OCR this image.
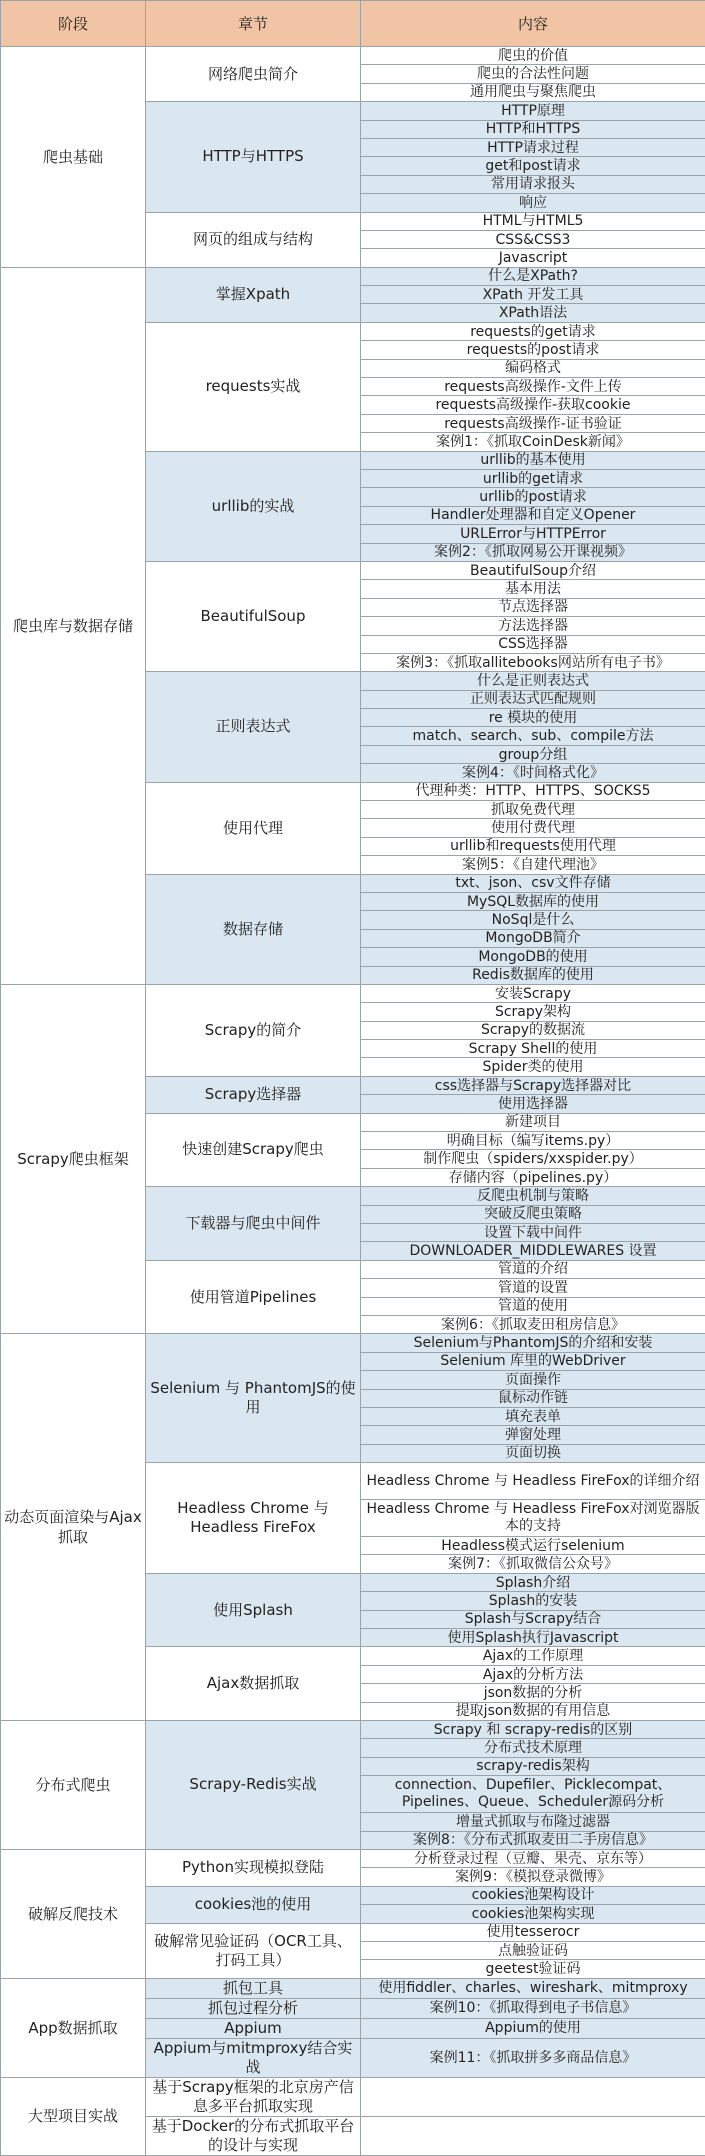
阶段	章节	内容
爬虫基础	网络爬虫简介	爬虫的价值
		爬虫的合法性问题
		通用爬虫与聚焦爬虫
	HTTP与HTTPS	HTTP原理
		HTTP和HTTPS
		HTTP请求过程
		get和post请求
		常用请求报头
		响应
	网页的组成与结构	HTML与HTML5
		CSS&CSS3
		Javascript
爬虫库与数据存储	掌握Xpath	什么是XPath?
		XPath 开发工具
		XPath语法
	requests实战	requests的get请求
		requests的post请求
		编码格式
		requests高级操作-文件上传
		requests高级操作-获取cookie
		requests高级操作-证书验证
		案例1：《抓取CoinDesk新闻》
	urllib的实战	urllib的基本使用
		urllib的get请求
		urllib的post请求
		Handler处理器和自定义Opener
		URLError与HTTPError
		案例2：《抓取网易公开课视频》
	BeautifulSoup	BeautifulSoup介绍
		基本用法
		节点选择器
		方法选择器
		CSS选择器
		案例3：《抓取allitebooks网站所有电子书》
	正则表达式	什么是正则表达式
		正则表达式匹配规则
		re 模块的使用
		match、search、sub、compile方法
		group分组
		案例4：《时间格式化》
	使用代理	代理种类：HTTP、HTTPS、SOCKS5
		抓取免费代理
		使用付费代理
		urllib和requests使用代理
		案例5：《自建代理池》
	数据存储	txt、json、csv文件存储
		MySQL数据库的使用
		NoSql是什么
		MongoDB简介
		MongoDB的使用
		Redis数据库的使用
Scrapy爬虫框架	Scrapy的简介	安装Scrapy
		Scrapy架构
		Scrapy的数据流
		Scrapy Shell的使用
		Spider类的使用
	Scrapy选择器	css选择器与Scrapy选择器对比
		使用选择器
	快速创建Scrapy爬虫	新建项目
		明确目标（编写items.py）
		制作爬虫（spiders/xxspider.py）
		存储内容（pipelines.py）
	下载器与爬虫中间件	反爬虫机制与策略
		突破反爬虫策略
		设置下载中间件
		DOWNLOADER_MIDDLEWARES 设置
	使用管道Pipelines	管道的介绍
		管道的设置
		管道的使用
		案例6：《抓取麦田租房信息》
动态页面渲染与Ajax抓取	Selenium 与 PhantomJS的使用	Selenium与PhantomJS的介绍和安装
		Selenium 库里的WebDriver
		页面操作
		鼠标动作链
		填充表单
		弹窗处理
		页面切换
	Headless Chrome 与 Headless FireFox	Headless Chrome 与 Headless FireFox的详细介绍
		Headless Chrome 与 Headless FireFox对浏览器版本的支持
		Headless模式运行selenium
		案例7：《抓取微信公众号》
	使用Splash	Splash介绍
		Splash的安装
		Splash与Scrapy结合
		使用Splash执行Javascript
	Ajax数据抓取	Ajax的工作原理
		Ajax的分析方法
		json数据的分析
		提取json数据的有用信息
分布式爬虫	Scrapy-Redis实战	Scrapy 和 scrapy-redis的区别
		分布式技术原理
		scrapy-redis架构
		connection、Dupefiler、Picklecompat、Pipelines、Queue、Scheduler源码分析
		增量式抓取与布隆过滤器
		案例8：《分布式抓取麦田二手房信息》
破解反爬技术	Python实现模拟登陆	分析登录过程（豆瓣、果壳、京东等）
		案例9：《模拟登录微博》
	cookies池的使用	cookies池架构设计
		cookies池架构实现
	破解常见验证码（OCR工具、打码工具）	使用tesserocr
		点触验证码
		geetest验证码
App数据抓取	抓包工具	使用fiddler、charles、wireshark、mitmproxy
	抓包过程分析	案例10：《抓取得到电子书信息》
	Appium	Appium的使用
	Appium与mitmproxy结合实战	案例11：《抓取拼多多商品信息》
大型项目实战	基于Scrapy框架的北京房产信息多平台抓取实现	
	基于Docker的分布式抓取平台的设计与实现	
